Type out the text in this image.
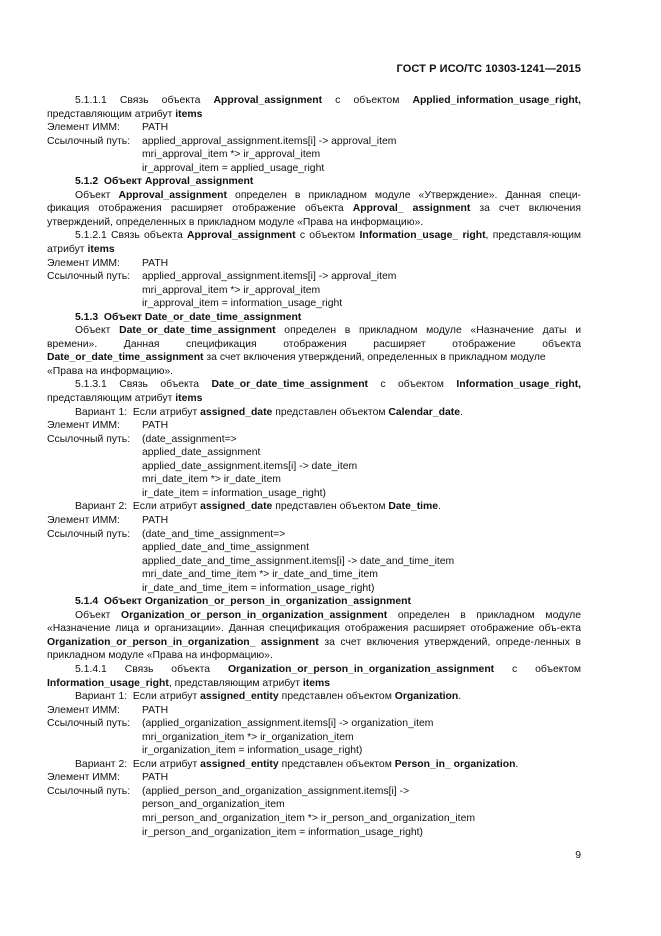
ГОСТ Р ИСО/ТС 10303-1241—2015

5.1.1.1 Связь объекта Approval_assignment с объектом Applied_information_usage_right,

представляющим атрибут items

Элемент ИММ:	PATH
Ссылочный путь:	applied_approval_assignment.items[i] -> approval_item

mri_approval_item *> ir_approval_item

ir_approval_item = applied_usage_right

5.1.2 Объект Approval_assignment

Объект Approval_assignment определен в прикладном модуле «Утверждение». Данная специ-фикация отображения расширяет отображение объекта Approval_ assignment за счет включения утверждений, определенных в прикладном модуле «Права на информацию».

5.1.2.1 Связь объекта Approval_assignment с объектом Information_usage_ right, представля-ющим атрибут items

Элемент ИММ:	PATH
Ссылочный путь:	applied_approval_assignment.items[i] -> approval_item

mri_approval_item *> ir_approval_item

ir_approval_item = information_usage_right

5.1.3 Объект Date_or_date_time_assignment

Объект Date_or_date_time_assignment определен в прикладном модуле «Назначение даты и времени». Данная спецификация отображения расширяет отображение объекта Date_or_date_time_assignment за счет включения утверждений, определенных в прикладном модуле

«Права на информацию».

5.1.3.1 Связь объекта Date_or_date_time_assignment с объектом Information_usage_right,

представляющим атрибут items

Вариант 1: Если атрибут assigned_date представлен объектом Calendar_date.

Элемент ИММ:	PATH
Ссылочный путь:	(date_assignment=>

applied_date_assignment

applied_date_assignment.items[i] -> date_item

mri_date_item *> ir_date_item

ir_date_item = information_usage_right)

Вариант 2: Если атрибут assigned_date представлен объектом Date_time.

Элемент ИММ:	PATH
Ссылочный путь:	(date_and_time_assignment=>

applied_date_and_time_assignment

applied_date_and_time_assignment.items[i] -> date_and_time_item

mri_date_and_time_item *> ir_date_and_time_item

ir_date_and_time_item = information_usage_right)

5.1.4 Объект Organization_or_person_in_organization_assignment

Объект Organization_or_person_in_organization_assignment определен в прикладном модуле «Назначение лица и организации». Данная спецификация отображения расширяет отображение объ-екта Organization_or_person_in_organization_ assignment за счет включения утверждений, опреде-ленных в прикладном модуле «Права на информацию».

5.1.4.1 Связь объекта Organization_or_person_in_organization_assignment с объектом Information_usage_right, представляющим атрибут items

Вариант 1: Если атрибут assigned_entity представлен объектом Organization.

Элемент ИММ:	PATH
Ссылочный путь:	(applied_organization_assignment.items[i] -> organization_item

mri_organization_item *> ir_organization_item

ir_organization_item = information_usage_right)

Вариант 2: Если атрибут assigned_entity представлен объектом Person_in_ organization.

Элемент ИММ:	PATH
Ссылочный путь:	(applied_person_and_organization_assignment.items[i] ->

person_and_organization_item

mri_person_and_organization_item *> ir_person_and_organization_item

ir_person_and_organization_item = information_usage_right)

9
